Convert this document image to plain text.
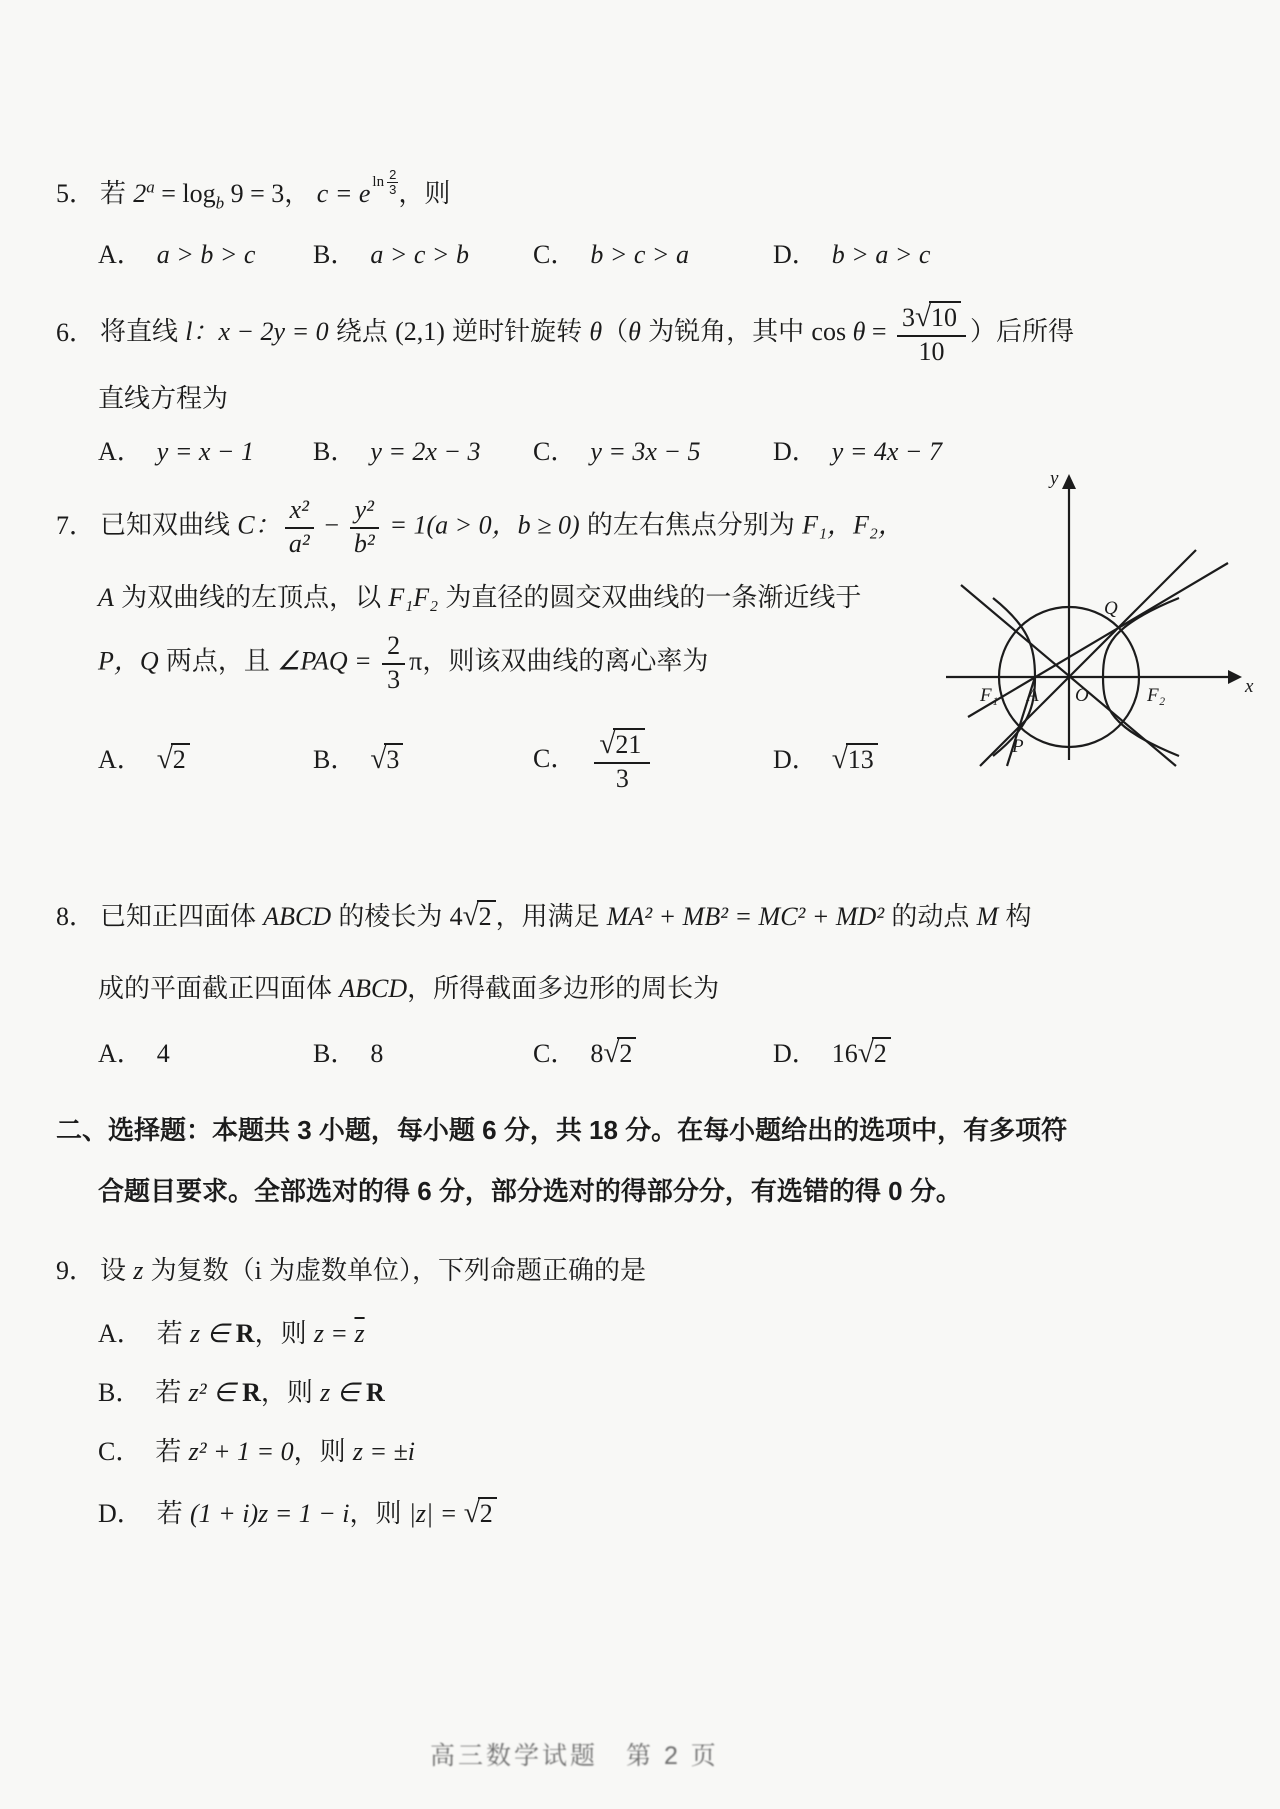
5． 若 $2^a = \log_b 9 = 3$， c = e $^{ln \frac{2}{3}}$ ，则
A． a > b > c	B． a > c > b	C． b > c > a	D． b > a > c
6． 将直线 l：x − 2y = 0 绕点 (2,1) 逆时针旋转 θ（θ 为锐角，其中 $\cos \theta = \frac{3√10}{10}$ ）后所得
直线方程为
A． y = x − 1	B． y = 2x − 3	C． y = 3x − 5	D． y = 4x − 7
7． 已知双曲线 C： $\frac{\text{x²}}{\text{a²}} - \frac{\text{y²}}{\text{b²}} = 1(a > 0$，b ≥ 0) 的左右焦点分别为 F₁，F₂，
A 为双曲线的左顶点，以 F₁F₂ 为直径的圆交双曲线的一条渐近线于
P，Q 两点，且 ∠PAQ = $\frac{2}{3}$ π，则该双曲线的离心率为
A． √2	B． √3	C． $\frac{√21}{3}$	D． √13
8． 已知正四面体 ABCD 的棱长为 4√2 ，用满足 MA² + MB² = MC² + MD² 的动点 M 构
成的平面截正四面体 ABCD，所得截面多边形的周长为
A． 4	B． 8	C． 8√2	D． 16√2
二、选择题：本题共 3 小题，每小题 6 分，共 18 分。在每小题给出的选项中，有多项符
合题目要求。全部选对的得 6 分，部分选对的得部分分，有选错的得 0 分。
9． 设 z 为复数（i 为虚数单位），下列命题正确的是
A． 若 z ∈ R，则 $z = \overline{z}$
B． 若 z² ∈ R，则 z ∈ R
C． 若 z² + 1 = 0，则 z = ±i
D． 若 (1 + i)z = 1 − i，则 |z| = √2
y
x
Q
P
F₁ A O	F₂
高三数学试题　第 2 页
